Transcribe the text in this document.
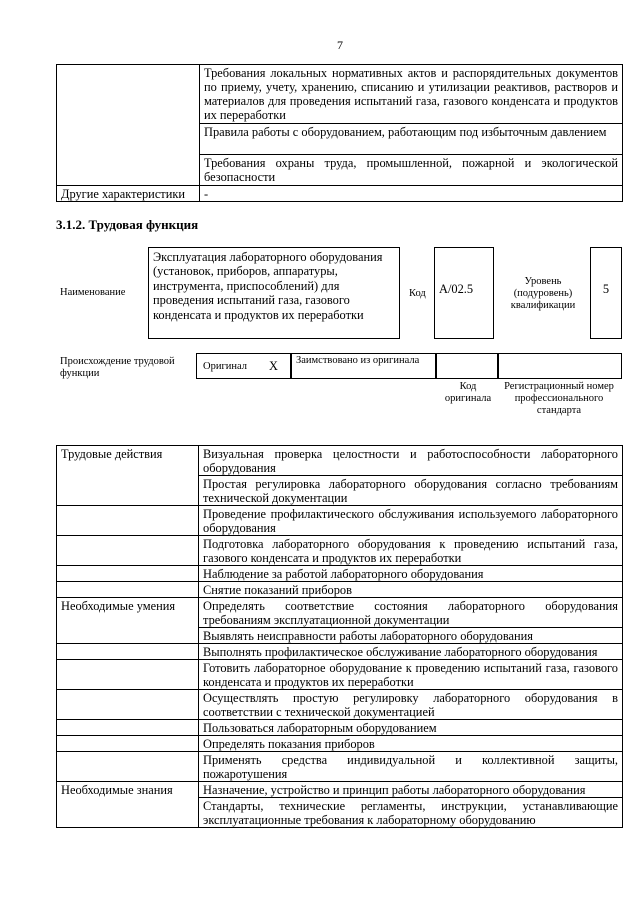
7
	Требования локальных нормативных актов и распорядительных документов по приему, учету, хранению, списанию и утилизации реактивов, растворов и материалов для проведения испытаний газа, газового конденсата и продуктов их переработки
	Правила работы с оборудованием, работающим под избыточным давлением
	Требования охраны труда, промышленной, пожарной и экологической безопасности
Другие характеристики	-
3.1.2. Трудовая функция
Наименование
Эксплуатация лабораторного оборудования (установок, приборов, аппаратуры, инструмента, приспособлений) для проведения испытаний газа, газового конденсата и продуктов их переработки
Код	A/02.5
Уровень (подуровень) квалификации
5
Происхождение трудовой функции
Оригинал X Заимствовано из оригинала
Код оригинала
Регистрационный номер профессионального стандарта
Трудовые действия	Визуальная проверка целостности и работоспособности лабораторного оборудования
	Простая регулировка лабораторного оборудования согласно требованиям технической документации
	Проведение профилактического обслуживания используемого лабораторного оборудования
	Подготовка лабораторного оборудования к проведению испытаний газа, газового конденсата и продуктов их переработки
	Наблюдение за работой лабораторного оборудования
	Снятие показаний приборов
Необходимые умения	Определять соответствие состояния лабораторного оборудования требованиям эксплуатационной документации
	Выявлять неисправности работы лабораторного оборудования
	Выполнять профилактическое обслуживание лабораторного оборудования
	Готовить лабораторное оборудование к проведению испытаний газа, газового конденсата и продуктов их переработки
	Осуществлять простую регулировку лабораторного оборудования в соответствии с технической документацией
	Пользоваться лабораторным оборудованием
	Определять показания приборов
	Применять средства индивидуальной и коллективной защиты, пожаротушения
Необходимые знания	Назначение, устройство и принцип работы лабораторного оборудования
	Стандарты, технические регламенты, инструкции, устанавливающие эксплуатационные требования к лабораторному оборудованию
